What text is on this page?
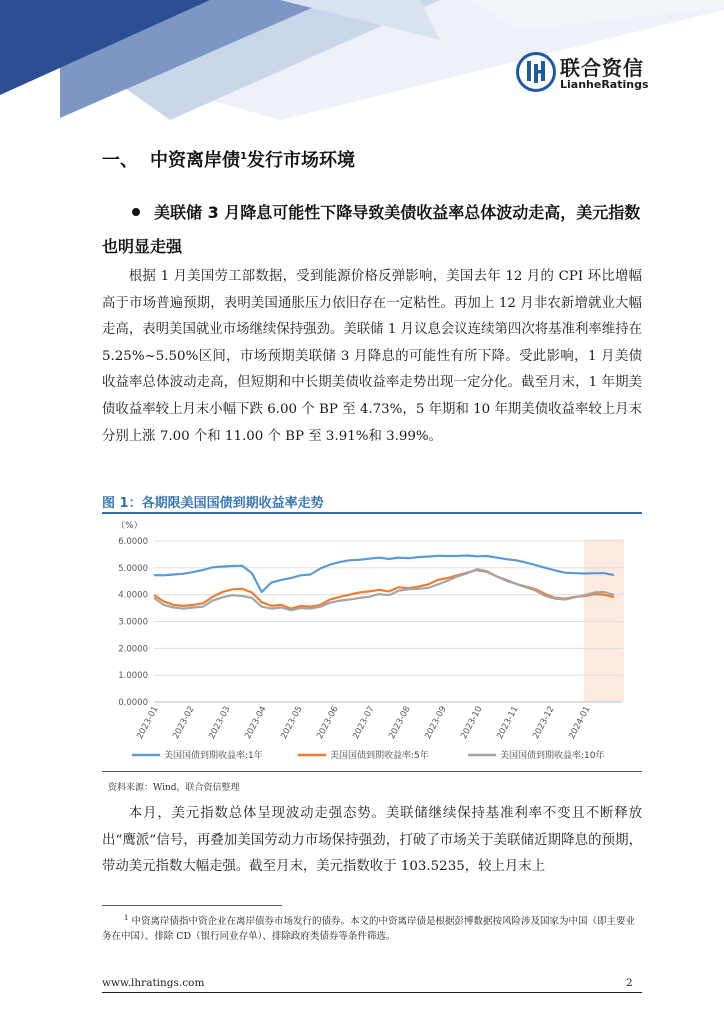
联合资信
LianheRatings
一、 中资离岸债$^1$发行市场环境
美联储 3 月降息可能性下降导致美债收益率总体波动走高，美元指数也明显走强

根据 1 月美国劳工部数据，受到能源价格反弹影响，美国去年 12 月的 CPI 环比增幅高于市场普遍预期，表明美国通胀压力依旧存在一定粘性。再加上 12 月非农新增就业大幅走高，表明美国就业市场继续保持强劲。美联储 1 月议息会议连续第四次将基准利率维持在 5.25%~5.50%区间，市场预期美联储 3 月降息的可能性有所下降。受此影响，1 月美债收益率总体波动走高，但短期和中长期美债收益率走势出现一定分化。截至月末，1 年期美债收益率较上月末小幅下跌 6.00 个 BP 至 4.73%，5 年期和 10 年期美债收益率较上月末分别上涨 7.00 个和 11.00 个 BP 至 3.91%和 3.99%。

图 1：各期限美国国债到期收益率走势
（%）
0.0000
1.0000
2.0000
3.0000
4.0000
5.0000
6.0000
2023-01 2023-02 2023-03 2023-04 2023-05 2023-06 2023-07 2023-08 2023-09 2023-10 2023-11 2023-12 2024-01
美国国债到期收益率:1年	美国国债到期收益率:5年	美国国债到期收益率:10年
资料来源：Wind，联合资信整理

本月，美元指数总体呈现波动走强态势。美联储继续保持基准利率不变且不断释放出“鹰派”信号，再叠加美国劳动力市场保持强劲，打破了市场关于美联储近期降息的预期，带动美元指数大幅走强。截至月末，美元指数收于 103.5235，较上月末上

$^1$ 中资离岸债指中资企业在离岸债券市场发行的债券。本文的中资离岸债是根据彭博数据按风险涉及国家为中国（即主要业务在中国）、排除 CD（银行同业存单）、排除政府类债券等条件筛选。
www.lhratings.com	2
